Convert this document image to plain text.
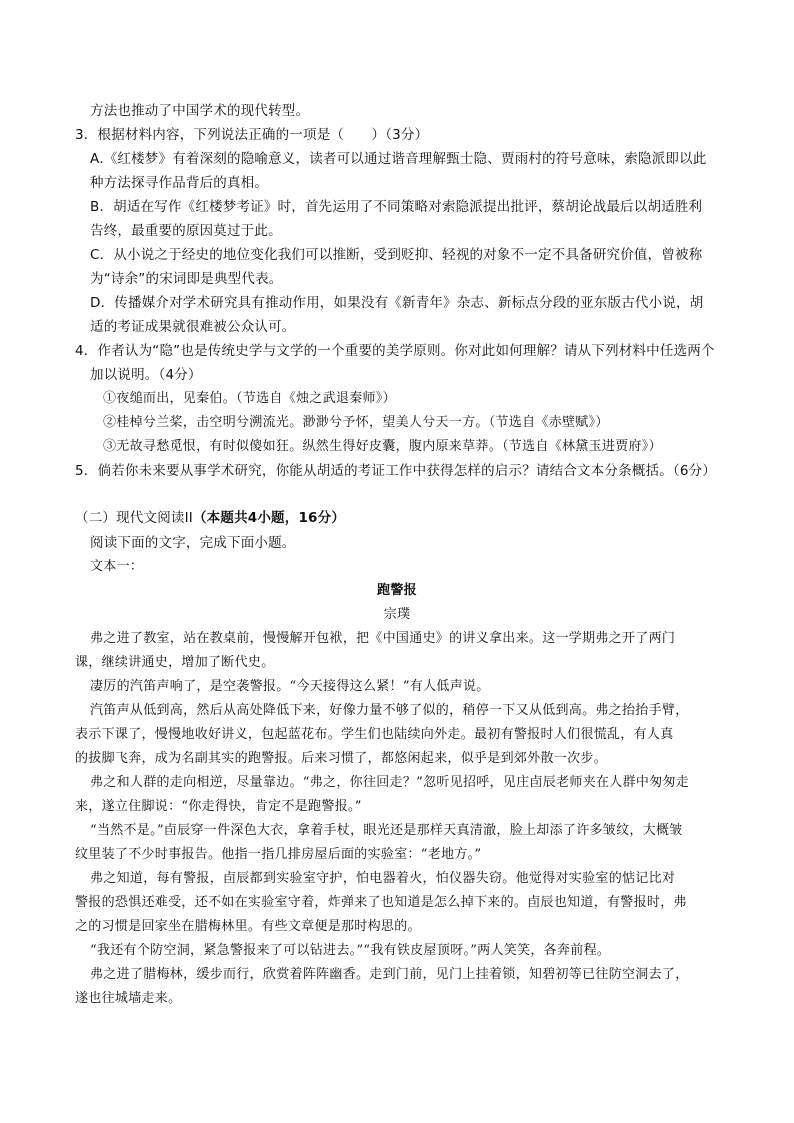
方法也推动了中国学术的现代转型。
3．根据材料内容，下列说法正确的一项是（　　）（3分）
A.《红楼梦》有着深刻的隐喻意义，读者可以通过谐音理解甄士隐、贾雨村的符号意味，索隐派即以此
种方法探寻作品背后的真相。
B．胡适在写作《红楼梦考证》时，首先运用了不同策略对索隐派提出批评，蔡胡论战最后以胡适胜利
告终，最重要的原因莫过于此。
C．从小说之于经史的地位变化我们可以推断，受到贬抑、轻视的对象不一定不具备研究价值，曾被称
为“诗余”的宋词即是典型代表。
D．传播媒介对学术研究具有推动作用，如果没有《新青年》杂志、新标点分段的亚东版古代小说，胡
适的考证成果就很难被公众认可。
4．作者认为“隐”也是传统史学与文学的一个重要的美学原则。你对此如何理解？请从下列材料中任选两个
加以说明。（4分）
①夜缒而出，见秦伯。（节选自《烛之武退秦师》）
②桂棹兮兰桨，击空明兮溯流光。渺渺兮予怀，望美人兮天一方。（节选自《赤壁赋》）
③无故寻愁觅恨，有时似傻如狂。纵然生得好皮囊，腹内原来草莽。（节选自《林黛玉进贾府》）
5．倘若你未来要从事学术研究，你能从胡适的考证工作中获得怎样的启示？请结合文本分条概括。（6分）
（二）现代文阅读II（本题共4小题，16分）
阅读下面的文字，完成下面小题。
文本一：
跑警报
宗璞
弗之进了教室，站在教桌前，慢慢解开包袱，把《中国通史》的讲义拿出来。这一学期弗之开了两门
课，继续讲通史，增加了断代史。
凄厉的汽笛声响了，是空袭警报。“今天接得这么紧！”有人低声说。
汽笛声从低到高，然后从高处降低下来，好像力量不够了似的，稍停一下又从低到高。弗之抬抬手臂，
表示下课了，慢慢地收好讲义，包起蓝花布。学生们也陆续向外走。最初有警报时人们很慌乱，有人真
的拔脚飞奔，成为名副其实的跑警报。后来习惯了，都悠闲起来，似乎是到郊外散一次步。
弗之和人群的走向相逆，尽量靠边。“弗之，你往回走？”忽听见招呼，见庄卣辰老师夹在人群中匆匆走
来，遂立住脚说：“你走得快，肯定不是跑警报。”
“当然不是。”卣辰穿一件深色大衣，拿着手杖，眼光还是那样天真清澈，脸上却添了许多皱纹，大概皱
纹里装了不少时事报告。他指一指几排房屋后面的实验室：“老地方。”
弗之知道，每有警报，卣辰都到实验室守护，怕电器着火，怕仪器失窃。他觉得对实验室的惦记比对
警报的恐惧还难受，还不如在实验室守着，炸弹来了也知道是怎么掉下来的。卣辰也知道，有警报时，弗
之的习惯是回家坐在腊梅林里。有些文章便是那时构思的。
“我还有个防空洞，紧急警报来了可以钻进去。”“我有铁皮屋顶呀。”两人笑笑，各奔前程。
弗之进了腊梅林，缓步而行，欣赏着阵阵幽香。走到门前，见门上挂着锁，知碧初等已往防空洞去了，
遂也往城墙走来。
